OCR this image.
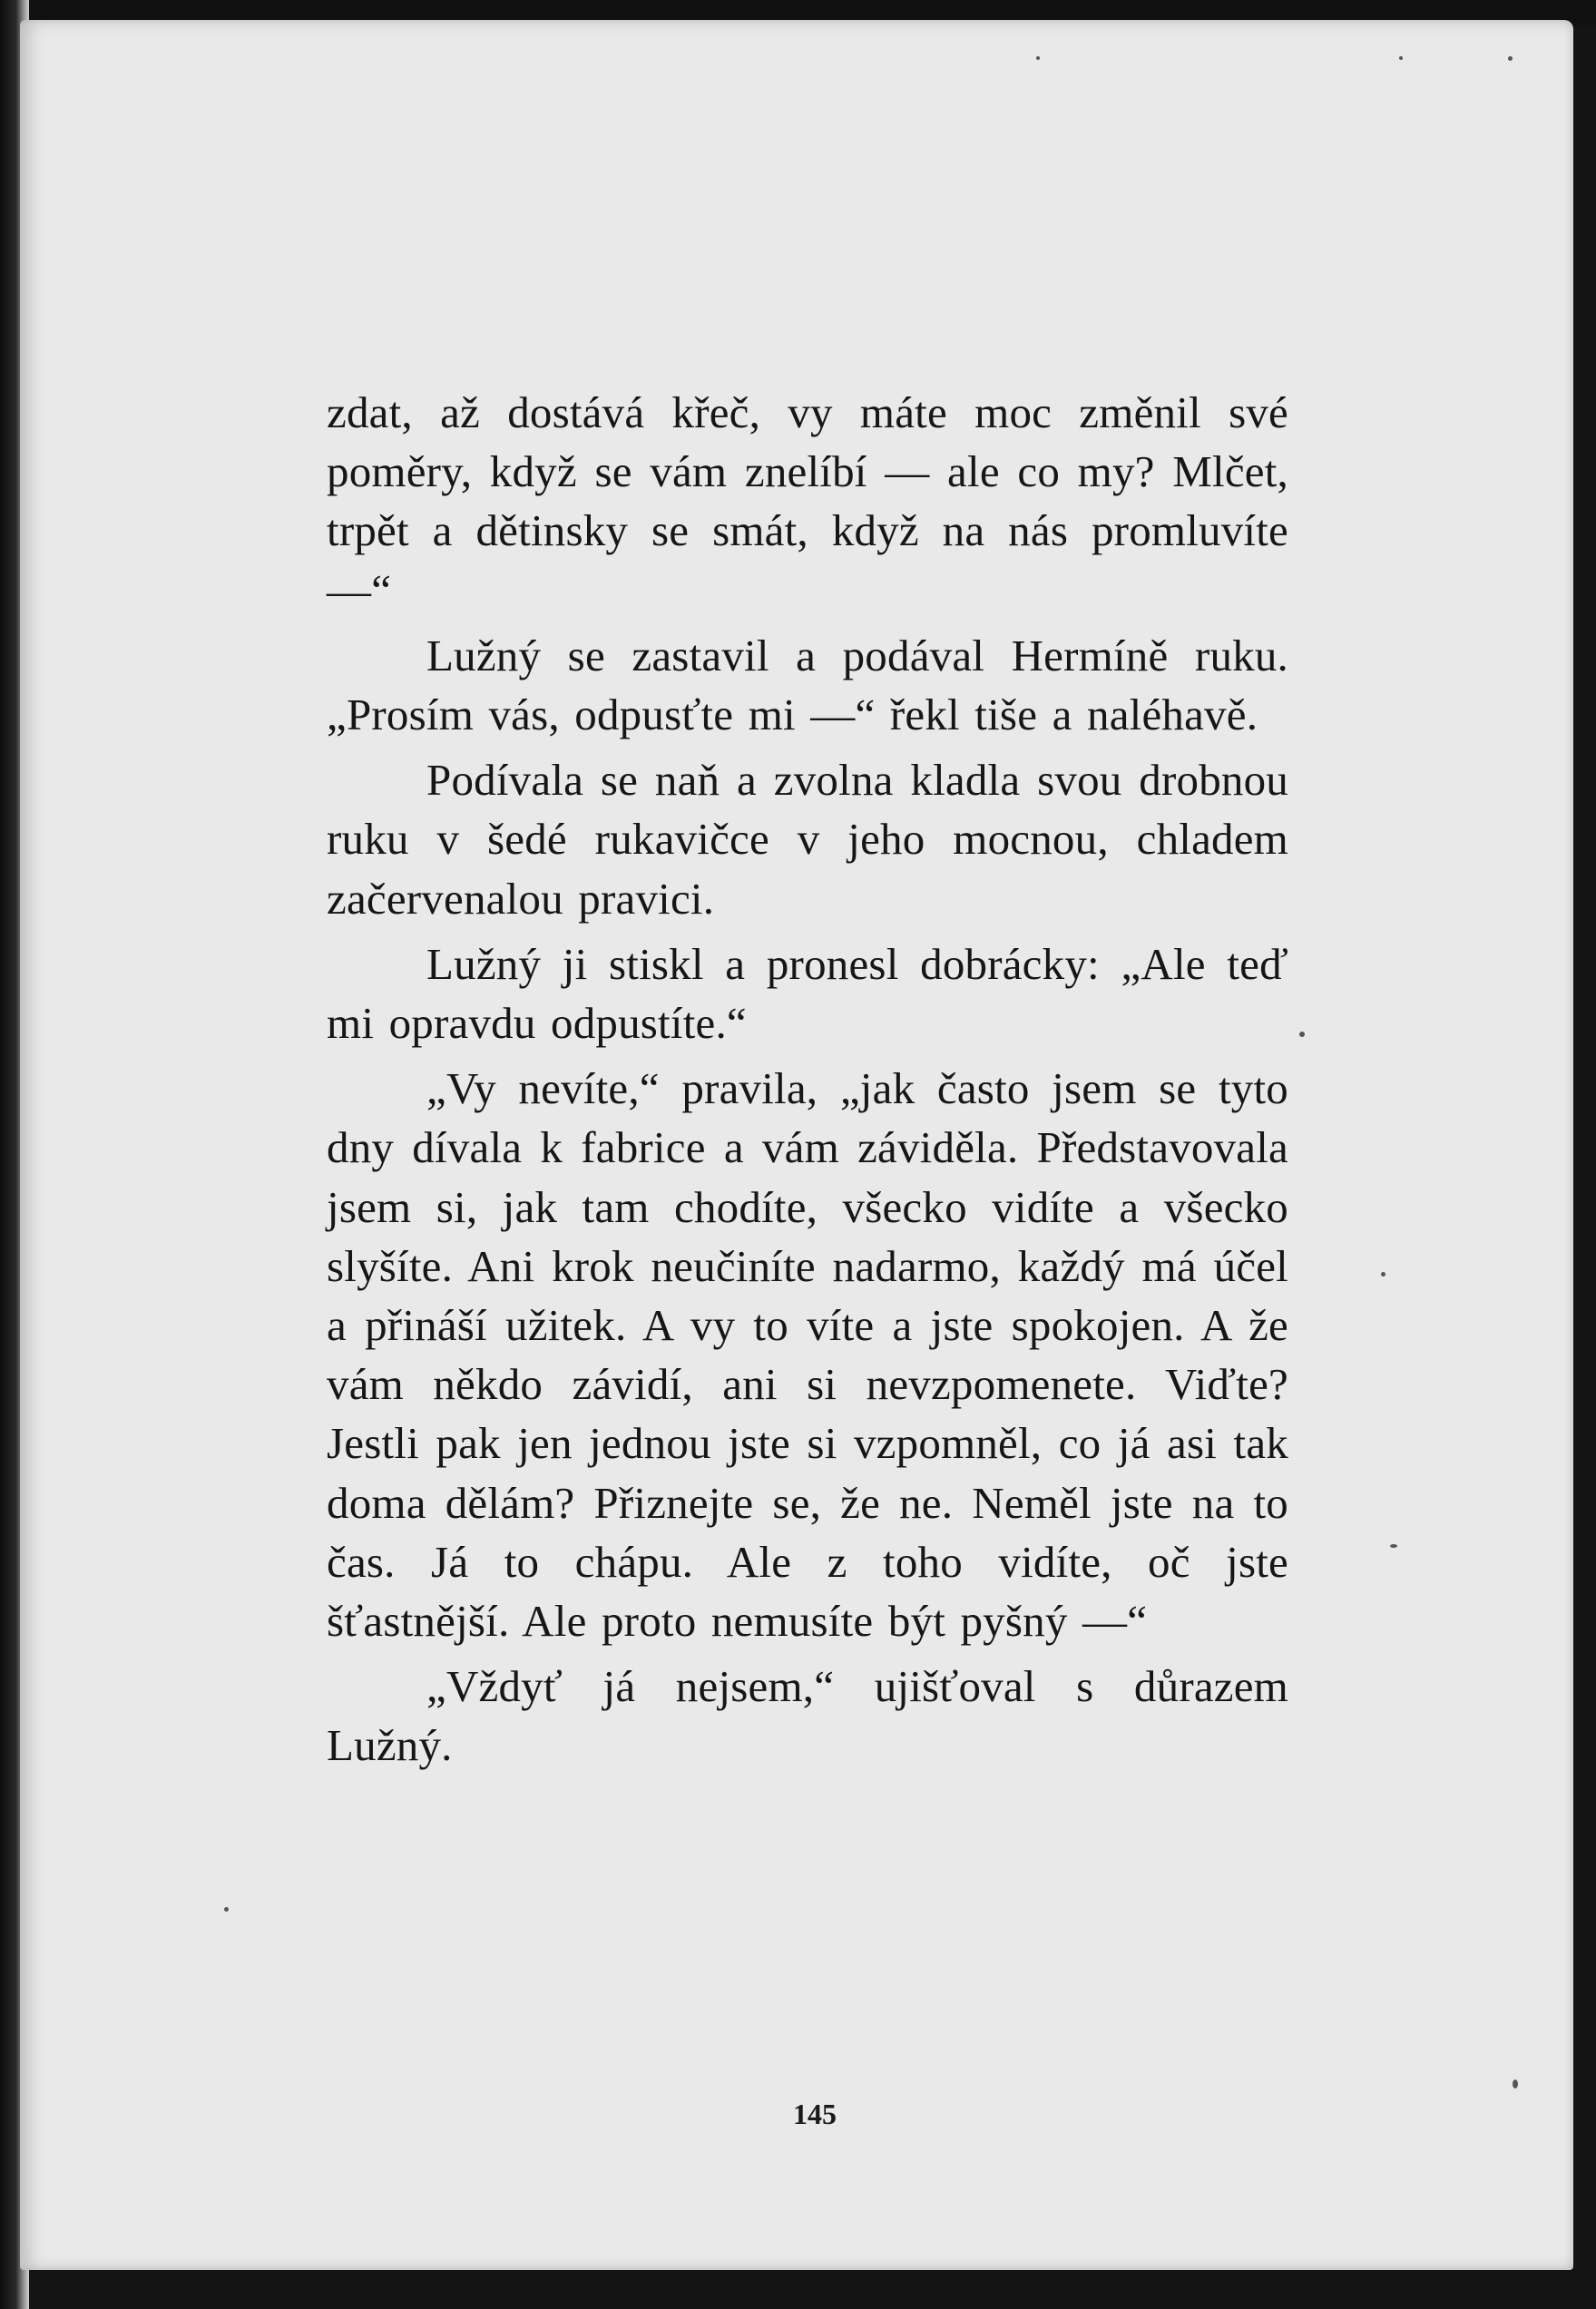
zdat, až dostává křeč, vy máte moc změnil své poměry, když se vám znelíbí — ale co my? Mlčet, trpět a dětinsky se smát, když na nás promluvíte —“

Lužný se zastavil a podával Hermíně ruku. „Prosím vás, odpusťte mi —“ řekl tiše a naléhavě.

Podívala se naň a zvolna kladla svou drobnou ruku v šedé rukavičce v jeho mocnou, chladem začervenalou pravici.

Lužný ji stiskl a pronesl dobrácky: „Ale teď mi opravdu odpustíte.“

„Vy nevíte,“ pravila, „jak často jsem se tyto dny dívala k fabrice a vám záviděla. Představovala jsem si, jak tam chodíte, všecko vidíte a všecko slyšíte. Ani krok neučiníte nadarmo, každý má účel a přináší užitek. A vy to víte a jste spokojen. A že vám někdo závidí, ani si nevzpomenete. Viďte? Jestli pak jen jednou jste si vzpomněl, co já asi tak doma dělám? Přiznejte se, že ne. Neměl jste na to čas. Já to chápu. Ale z toho vidíte, oč jste šťastnější. Ale proto nemusíte být pyšný —“

„Vždyť já nejsem,“ ujišťoval s důrazem Lužný.

145
